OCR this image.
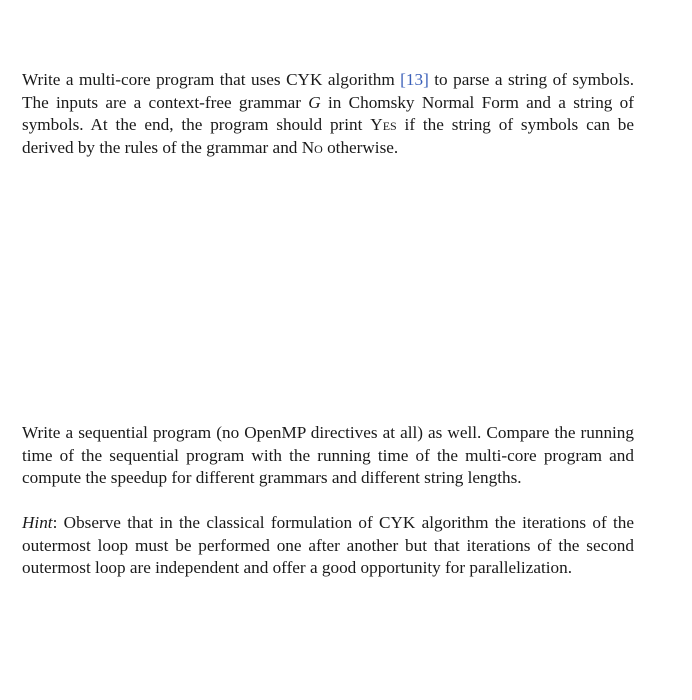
Write a multi-core program that uses CYK algorithm [13] to parse a string of symbols. The inputs are a context-free grammar G in Chomsky Normal Form and a string of symbols. At the end, the program should print Yes if the string of symbols can be derived by the rules of the grammar and No otherwise.

Write a sequential program (no OpenMP directives at all) as well. Compare the running time of the sequential program with the running time of the multi-core program and compute the speedup for different grammars and different string lengths.

Hint: Observe that in the classical formulation of CYK algorithm the iterations of the outermost loop must be performed one after another but that iterations of the second outermost loop are independent and offer a good opportunity for parallelization.
